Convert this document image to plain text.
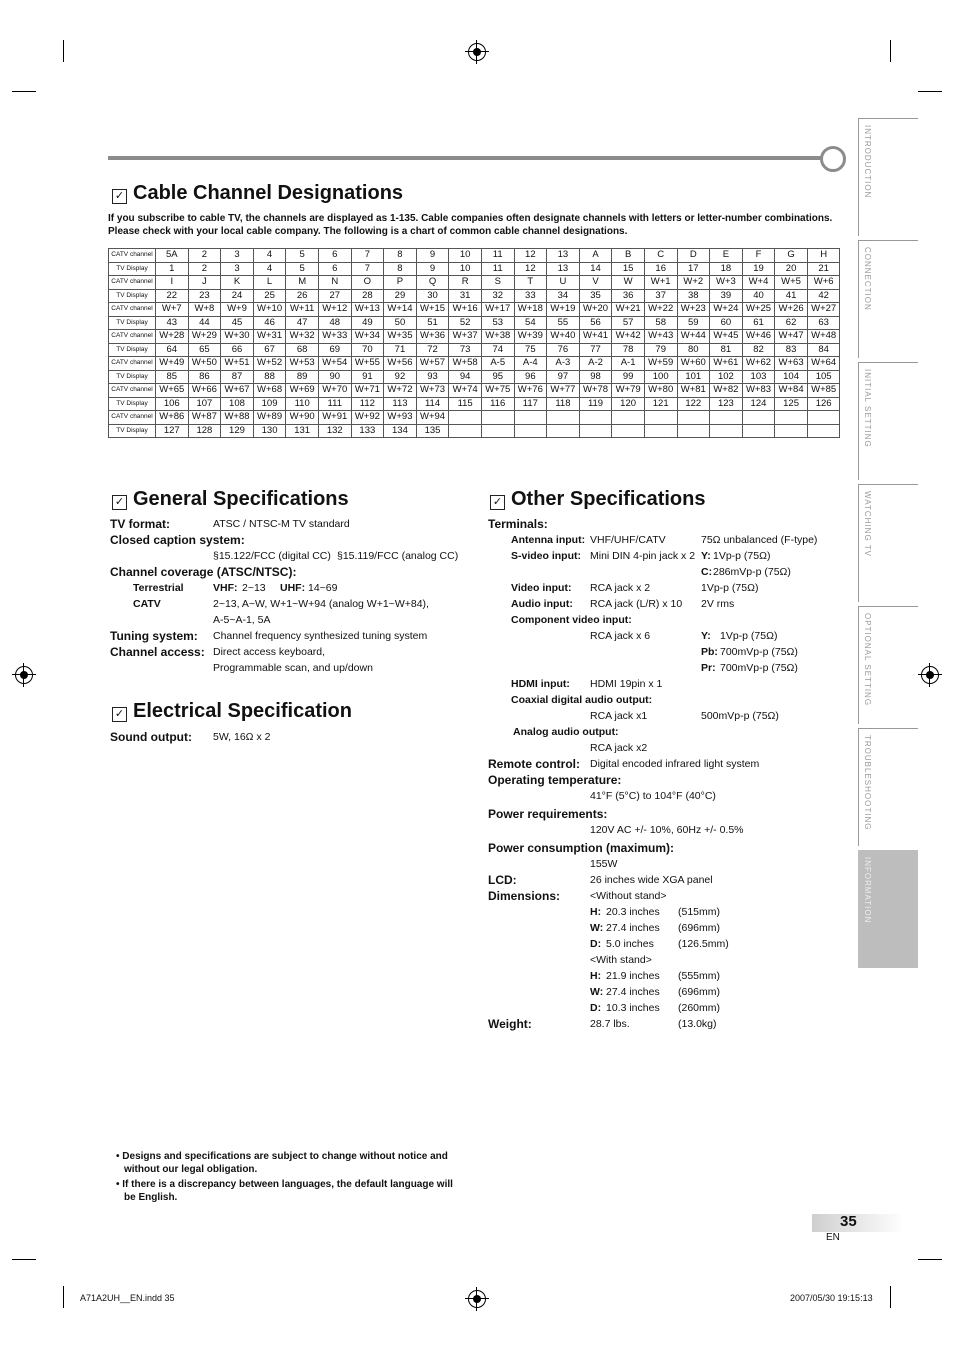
INTRODUCTION
CONNECTION
INITIAL SETTING
WATCHING TV
OPTIONAL SETTING
TROUBLESHOOTING
INFORMATION
✓ Cable Channel Designations
If you subscribe to cable TV, the channels are displayed as 1-135. Cable companies often designate channels with letters or letter-number combinations. Please check with your local cable company. The following is a chart of common cable channel designations.
CATV channel	5A	2	3	4	5	6	7	8	9	10	11	12	13	A	B	C	D	E	F	G	H
TV Display	1	2	3	4	5	6	7	8	9	10	11	12	13	14	15	16	17	18	19	20	21
CATV channel	I	J	K	L	M	N	O	P	Q	R	S	T	U	V	W	W+1	W+2	W+3	W+4	W+5	W+6
TV Display	22	23	24	25	26	27	28	29	30	31	32	33	34	35	36	37	38	39	40	41	42
CATV channel	W+7	W+8	W+9	W+10	W+11	W+12	W+13	W+14	W+15	W+16	W+17	W+18	W+19	W+20	W+21	W+22	W+23	W+24	W+25	W+26	W+27
TV Display	43	44	45	46	47	48	49	50	51	52	53	54	55	56	57	58	59	60	61	62	63
CATV channel	W+28	W+29	W+30	W+31	W+32	W+33	W+34	W+35	W+36	W+37	W+38	W+39	W+40	W+41	W+42	W+43	W+44	W+45	W+46	W+47	W+48
TV Display	64	65	66	67	68	69	70	71	72	73	74	75	76	77	78	79	80	81	82	83	84
CATV channel	W+49	W+50	W+51	W+52	W+53	W+54	W+55	W+56	W+57	W+58	A-5	A-4	A-3	A-2	A-1	W+59	W+60	W+61	W+62	W+63	W+64
TV Display	85	86	87	88	89	90	91	92	93	94	95	96	97	98	99	100	101	102	103	104	105
CATV channel	W+65	W+66	W+67	W+68	W+69	W+70	W+71	W+72	W+73	W+74	W+75	W+76	W+77	W+78	W+79	W+80	W+81	W+82	W+83	W+84	W+85
TV Display	106	107	108	109	110	111	112	113	114	115	116	117	118	119	120	121	122	123	124	125	126
CATV channel	W+86	W+87	W+88	W+89	W+90	W+91	W+92	W+93	W+94												
TV Display	127	128	129	130	131	132	133	134	135												
✓ General Specifications
TV format:	ATSC / NTSC-M TV standard
Closed caption system:
§15.122/FCC (digital CC) §15.119/FCC (analog CC)
Channel coverage (ATSC/NTSC):
Terrestrial	VHF: 2~13 UHF: 14~69
CATV	2~13, A~W, W+1~W+94 (analog W+1~W+84),
A-5~A-1, 5A
Tuning system: Channel frequency synthesized tuning system
Channel access: Direct access keyboard,
Programmable scan, and up/down
✓ Electrical Specification
Sound output: 5W, 16Ω x 2
✓ Other Specifications
Terminals:
Antenna input: VHF/UHF/CATV	75Ω unbalanced (F-type)
S-video input: Mini DIN 4-pin jack x 2 Y: 1Vp-p (75Ω)
C: 286mVp-p (75Ω)
Video input: RCA jack x 2	1Vp-p (75Ω)
Audio input: RCA jack (L/R) x 10 2V rms
Component video input:
RCA jack x 6	Y: 1Vp-p (75Ω)
Pb: 700mVp-p (75Ω)
Pr: 700mVp-p (75Ω)
HDMI input: HDMI 19pin x 1
Coaxial digital audio output:
RCA jack x1	500mVp-p (75Ω)
Analog audio output:
RCA jack x2
Remote control: Digital encoded infrared light system
Operating temperature:
41°F (5°C) to 104°F (40°C)
Power requirements:
120V AC +/- 10%, 60Hz +/- 0.5%
Power consumption (maximum):
155W
LCD:	26 inches wide XGA panel
Dimensions:	<Without stand>
H: 20.3 inches (515mm)
W: 27.4 inches (696mm)
D: 5.0 inches (126.5mm)
<With stand>
H: 21.9 inches (555mm)
W: 27.4 inches (696mm)
D: 10.3 inches (260mm)
Weight:	28.7 lbs.	(13.0kg)
• Designs and specifications are subject to change without notice and without our legal obligation.
• If there is a discrepancy between languages, the default language will be English.
35
EN
A71A2UH__EN.indd 35	2007/05/30 19:15:13
